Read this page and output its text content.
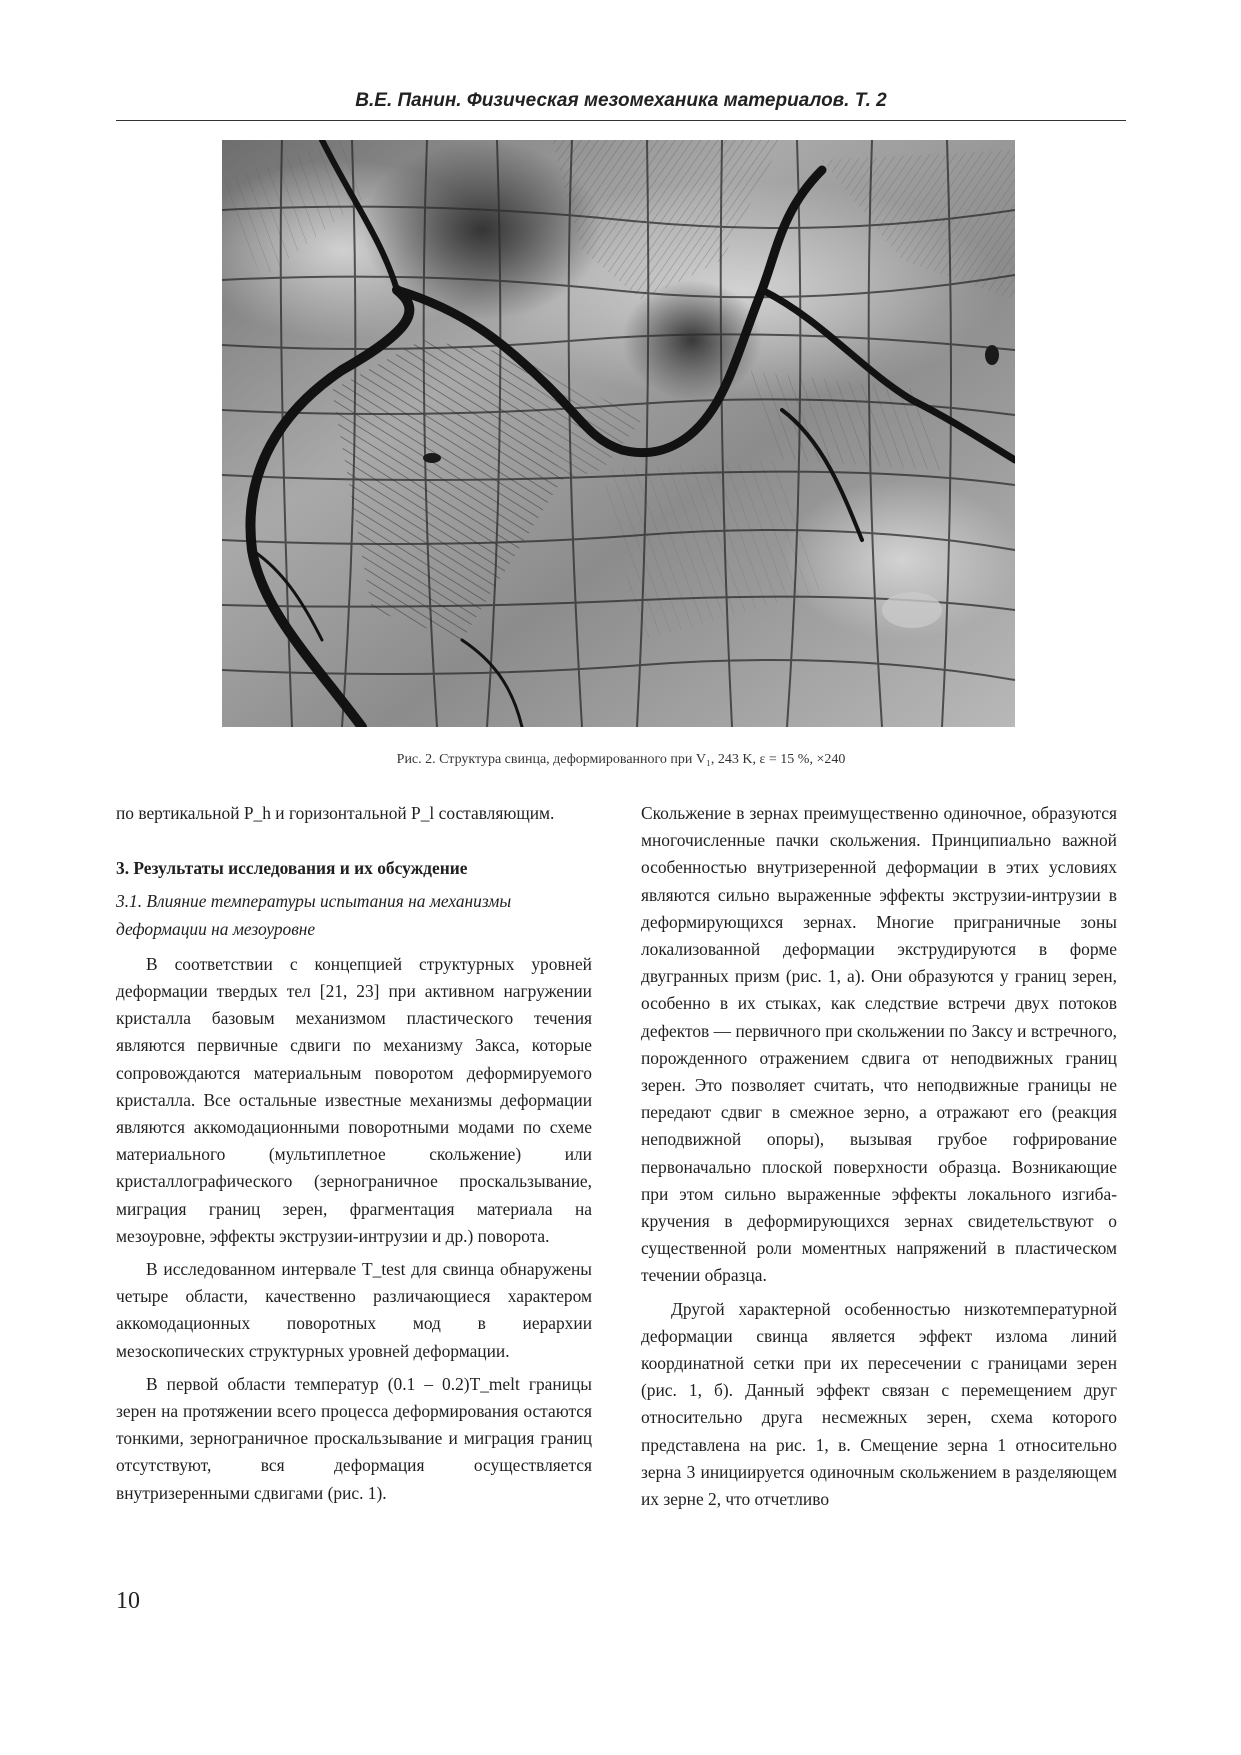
В.Е. Панин. Физическая мезомеханика материалов. Т. 2
Рис. 2. Структура свинца, деформированного при V₁, 243 K, ε = 15 %, ×240

по вертикальной P_h и горизонтальной P_l составляющим.

3. Результаты исследования и их обсуждение

3.1. Влияние температуры испытания на механизмы деформации на мезоуровне

В соответствии с концепцией структурных уровней деформации твердых тел [21, 23] при активном нагружении кристалла базовым механизмом пластического течения являются первичные сдвиги по механизму Закса, которые сопровождаются материальным поворотом деформируемого кристалла. Все остальные известные механизмы деформации являются аккомодационными поворотными модами по схеме материального (мультиплетное скольжение) или кристаллографического (зернограничное проскальзывание, миграция границ зерен, фрагментация материала на мезоуровне, эффекты экструзии-интрузии и др.) поворота.

В исследованном интервале T_test для свинца обнаружены четыре области, качественно различающиеся характером аккомодационных поворотных мод в иерархии мезоскопических структурных уровней деформации.

В первой области температур (0.1 – 0.2)T_melt границы зерен на протяжении всего процесса деформирования остаются тонкими, зернограничное проскальзывание и миграция границ отсутствуют, вся деформация осуществляется внутризеренными сдвигами (рис. 1).

Скольжение в зернах преимущественно одиночное, образуются многочисленные пачки скольжения. Принципиально важной особенностью внутризеренной деформации в этих условиях являются сильно выраженные эффекты экструзии-интрузии в деформирующихся зернах. Многие приграничные зоны локализованной деформации экструдируются в форме двугранных призм (рис. 1, а). Они образуются у границ зерен, особенно в их стыках, как следствие встречи двух потоков дефектов — первичного при скольжении по Закcу и встречного, порожденного отражением сдвига от неподвижных границ зерен. Это позволяет считать, что неподвижные границы не передают сдвиг в смежное зерно, а отражают его (реакция неподвижной опоры), вызывая грубое гофрирование первоначально плоской поверхности образца. Возникающие при этом сильно выраженные эффекты локального изгиба-кручения в деформирующихся зернах свидетельствуют о существенной роли моментных напряжений в пластическом течении образца.

Другой характерной особенностью низкотемпературной деформации свинца является эффект излома линий координатной сетки при их пересечении с границами зерен (рис. 1, б). Данный эффект связан с перемещением друг относительно друга несмежных зерен, схема которого представлена на рис. 1, в. Смещение зерна 1 относительно зерна 3 инициируется одиночным скольжением в разделяющем их зерне 2, что отчетливо

10
